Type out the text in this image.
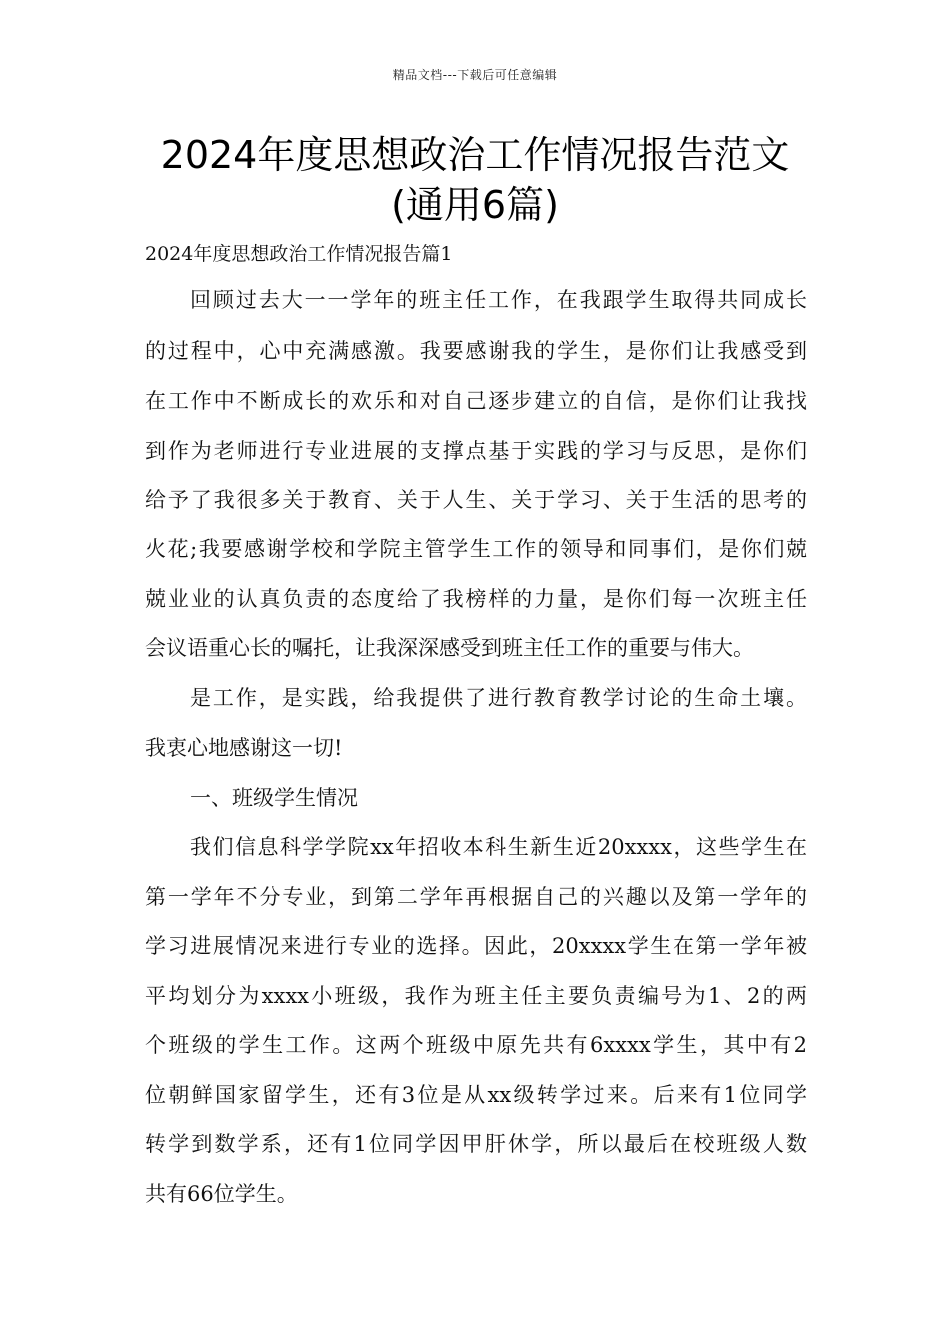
精品文档---下载后可任意编辑
2024年度思想政治工作情况报告范文
(通用6篇)
2024年度思想政治工作情况报告篇1
回顾过去大一一学年的班主任工作，在我跟学生取得共同成长
的过程中，心中充满感激。我要感谢我的学生，是你们让我感受到
在工作中不断成长的欢乐和对自己逐步建立的自信，是你们让我找
到作为老师进行专业进展的支撑点基于实践的学习与反思，是你们
给予了我很多关于教育、关于人生、关于学习、关于生活的思考的
火花;我要感谢学校和学院主管学生工作的领导和同事们，是你们兢
兢业业的认真负责的态度给了我榜样的力量，是你们每一次班主任
会议语重心长的嘱托，让我深深感受到班主任工作的重要与伟大。
是工作，是实践，给我提供了进行教育教学讨论的生命土壤。
我衷心地感谢这一切!
一、班级学生情况
我们信息科学学院xx年招收本科生新生近20xxxx，这些学生在
第一学年不分专业，到第二学年再根据自己的兴趣以及第一学年的
学习进展情况来进行专业的选择。因此，20xxxx学生在第一学年被
平均划分为xxxx小班级，我作为班主任主要负责编号为1、2的两
个班级的学生工作。这两个班级中原先共有6xxxx学生，其中有2
位朝鲜国家留学生，还有3位是从xx级转学过来。后来有1位同学
转学到数学系，还有1位同学因甲肝休学，所以最后在校班级人数
共有66位学生。
